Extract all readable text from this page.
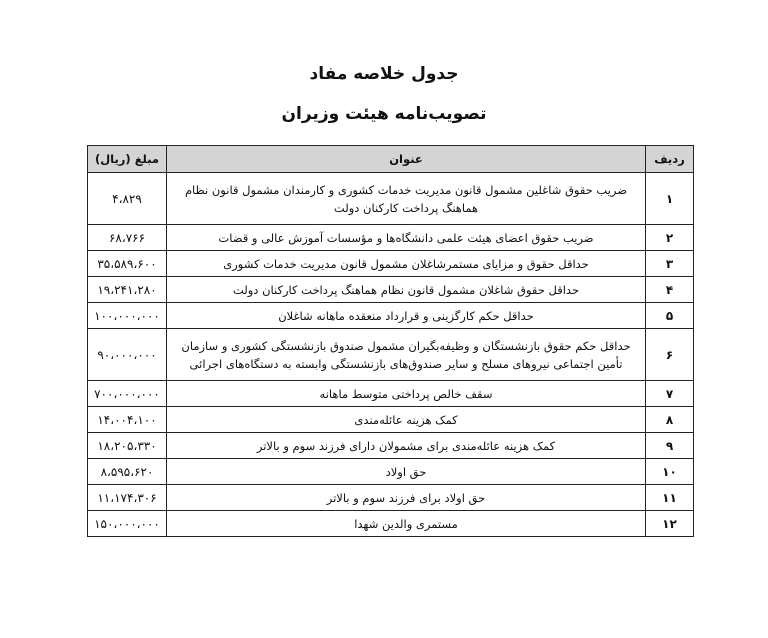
جدول خلاصه مفاد
تصویب‌نامه هیئت وزیران
ردیف	عنوان	مبلغ (ریال)
۱	ضریب حقوق شاغلین مشمول قانون مدیریت خدمات کشوری و کارمندان مشمول قانون نظام هماهنگ پرداخت کارکنان دولت	۴،۸۲۹
۲	ضریب حقوق اعضای هیئت علمی دانشگاه‌ها و مؤسسات آموزش عالی و قضات	۶۸،۷۶۶
۳	حداقل حقوق و مزایای مستمرشاغلان مشمول قانون مدیریت خدمات کشوری	۳۵،۵۸۹،۶۰۰
۴	حداقل حقوق شاغلان مشمول قانون نظام هماهنگ پرداخت کارکنان دولت	۱۹،۲۴۱،۲۸۰
۵	حداقل حکم کارگزینی و قرارداد منعقده ماهانه شاغلان	۱۰۰،۰۰۰،۰۰۰
۶	حداقل حکم حقوق بازنشستگان و وظیفه‌بگیران مشمول صندوق بازنشستگی کشوری و سازمان تأمین اجتماعی نیروهای مسلح و سایر صندوق‌های بازنشستگی وابسته به دستگاه‌های اجرائی	۹۰،۰۰۰،۰۰۰
۷	سقف خالص پرداختی متوسط ماهانه	۷۰۰،۰۰۰،۰۰۰
۸	کمک هزینه عائله‌مندی	۱۴،۰۰۴،۱۰۰
۹	کمک هزینه عائله‌مندی برای مشمولان دارای فرزند سوم و بالاتر	۱۸،۲۰۵،۳۳۰
۱۰	حق اولاد	۸،۵۹۵،۶۲۰
۱۱	حق اولاد برای فرزند سوم و بالاتر	۱۱،۱۷۴،۳۰۶
۱۲	مستمری والدین شهدا	۱۵۰،۰۰۰،۰۰۰
